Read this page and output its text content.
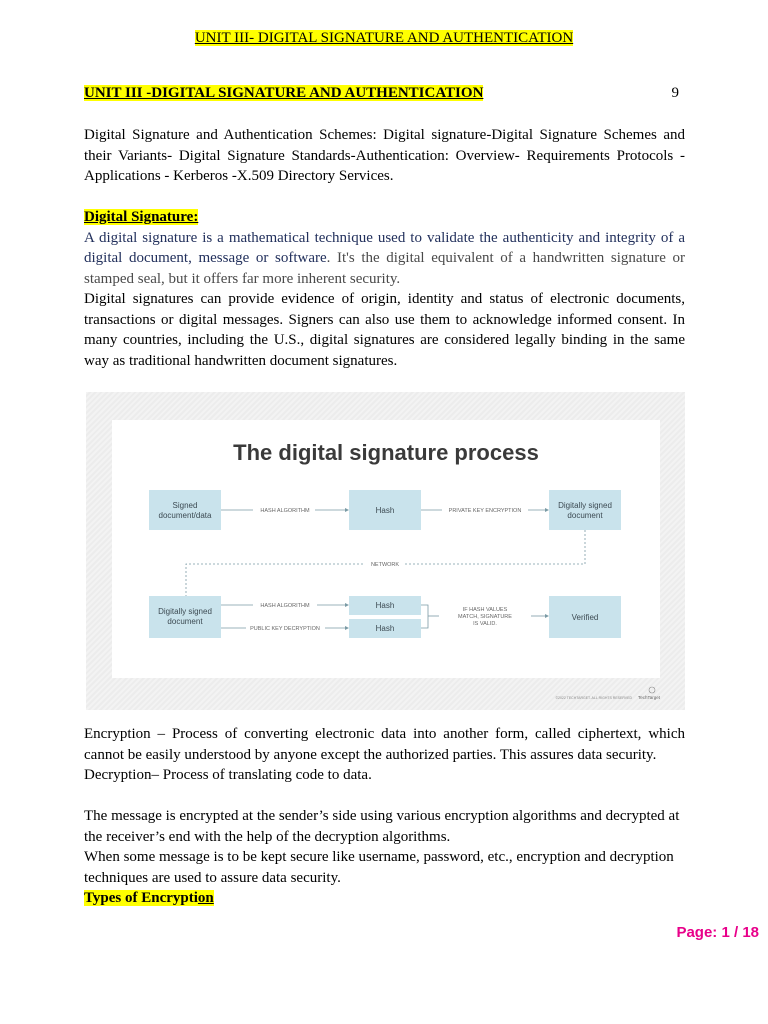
UNIT III- DIGITAL SIGNATURE AND AUTHENTICATION
UNIT III -DIGITAL SIGNATURE AND AUTHENTICATION	9

Digital Signature and Authentication Schemes: Digital signature-Digital Signature Schemes and their Variants- Digital Signature Standards-Authentication: Overview- Requirements Protocols - Applications - Kerberos -X.509 Directory Services.

Digital Signature:

A digital signature is a mathematical technique used to validate the authenticity and integrity of a digital document, message or software. It's the digital equivalent of a handwritten signature or stamped seal, but it offers far more inherent security.

Digital signatures can provide evidence of origin, identity and status of electronic documents, transactions or digital messages. Signers can also use them to acknowledge informed consent. In many countries, including the U.S., digital signatures are considered legally binding in the same way as traditional handwritten document signatures.

The digital signature process
Signed
document/data
Hash
Digitally signed
document
HASH ALGORITHM	PRIVATE KEY ENCRYPTION
NETWORK
Digitally signed
document
Hash
Hash
HASH ALGORITHM
PUBLIC KEY DECRYPTION
IF HASH VALUES
MATCH, SIGNATURE
IS VALID.
Verified
©2022 TECHTARGET. ALL RIGHTS RESERVED TechTarget

Encryption – Process of converting electronic data into another form, called ciphertext, which cannot be easily understood by anyone except the authorized parties. This assures data security.

Decryption– Process of translating code to data.

The message is encrypted at the sender’s side using various encryption algorithms and decrypted at the receiver’s end with the help of the decryption algorithms.

When some message is to be kept secure like username, password, etc., encryption and decryption techniques are used to assure data security.

Types of Encryption

Page: 1 / 18
